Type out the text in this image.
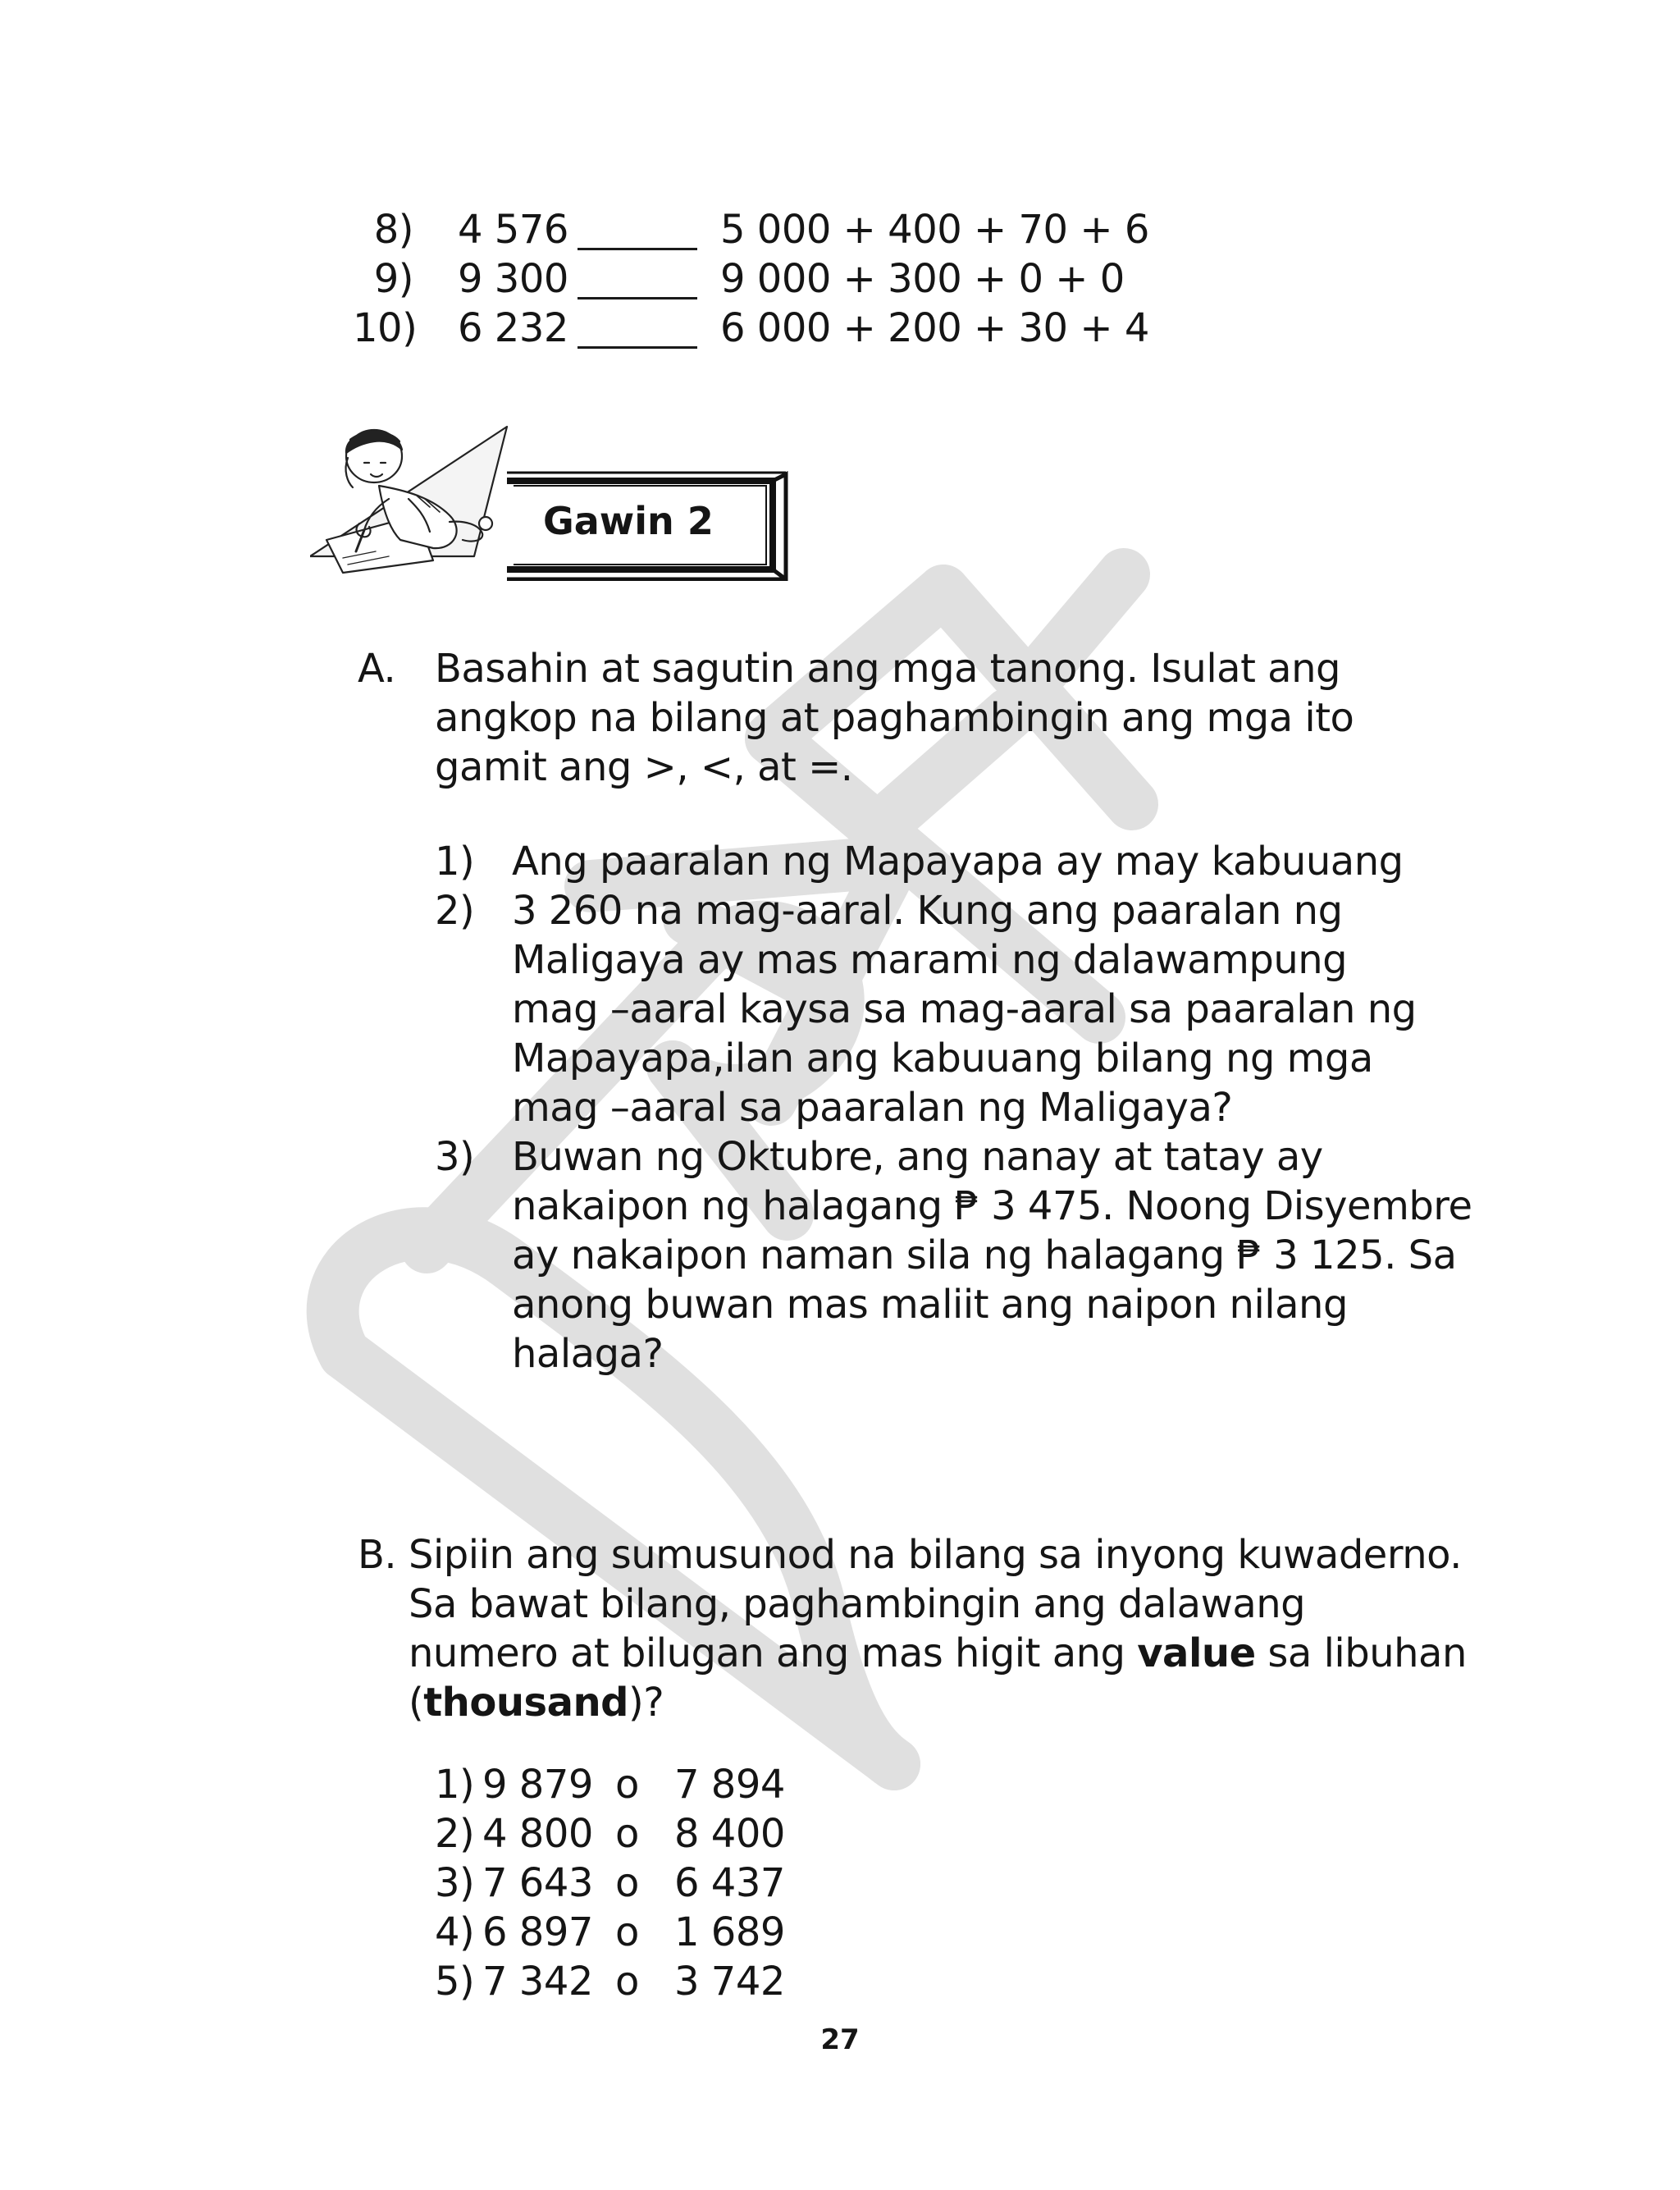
8) 4 576	5 000 + 400 + 70 + 6
9) 9 300	9 000 + 300 + 0 + 0
10) 6 232	6 000 + 200 + 30 + 4
Gawin 2
A. Basahin at sagutin ang mga tanong. Isulat ang
angkop na bilang at paghambingin ang mga ito
gamit ang >, <, at =.
1)
2)
3)
Ang paaralan ng Mapayapa ay may kabuuang
3 260 na mag-aaral. Kung ang paaralan ng
Maligaya ay mas marami ng dalawampung
mag –aaral kaysa sa mag-aaral sa paaralan ng
Mapayapa,ilan ang kabuuang bilang ng mga
mag –aaral sa paaralan ng Maligaya?
Buwan ng Oktubre, ang nanay at tatay ay
nakaipon ng halagang ₱ 3 475. Noong Disyembre
ay nakaipon naman sila ng halagang ₱ 3 125. Sa
anong buwan mas maliit ang naipon nilang
halaga?
B. Sipiin ang sumusunod na bilang sa inyong kuwaderno.
Sa bawat bilang, paghambingin ang dalawang
numero at bilugan ang mas higit ang value sa libuhan
(thousand)?
1) 9 879 o 7 894
2) 4 800 o 8 400
3) 7 643 o 6 437
4) 6 897 o 1 689
5) 7 342 o 3 742
27
